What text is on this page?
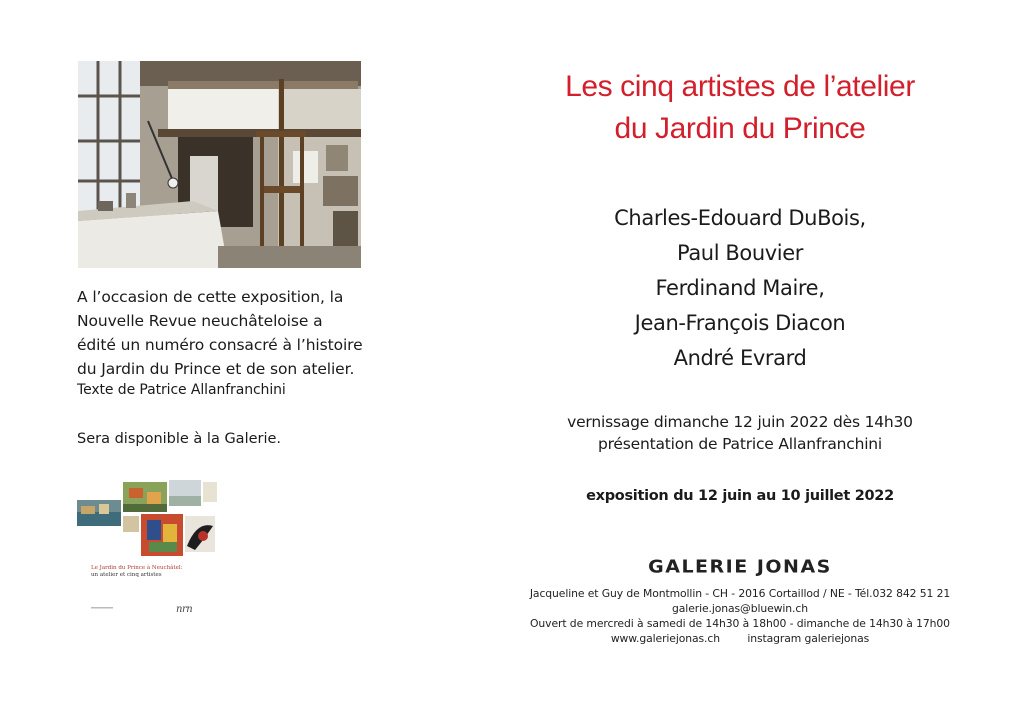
A l’occasion de cette exposition, la
Nouvelle Revue neuchâteloise a
édité un numéro consacré à l’histoire
du Jardin du Prince et de son atelier.
Texte de Patrice Allanfranchini
Sera disponible à la Galerie.
Le Jardin du Prince à Neuchâtel:
un atelier et cinq artistes
nrn
Les cinq artistes de l’atelier
du Jardin du Prince
Charles-Edouard DuBois,
Paul Bouvier
Ferdinand Maire,
Jean-François Diacon
André Evrard
vernissage dimanche 12 juin 2022 dès 14h30
présentation de Patrice Allanfranchini
exposition du 12 juin au 10 juillet 2022
GALERIE JONAS
Jacqueline et Guy de Montmollin - CH - 2016 Cortaillod / NE - Tél.032 842 51 21
galerie.jonas@bluewin.ch
Ouvert de mercredi à samedi de 14h30 à 18h00 - dimanche de 14h30 à 17h00
www.galeriejonas.ch	instagram galeriejonas
